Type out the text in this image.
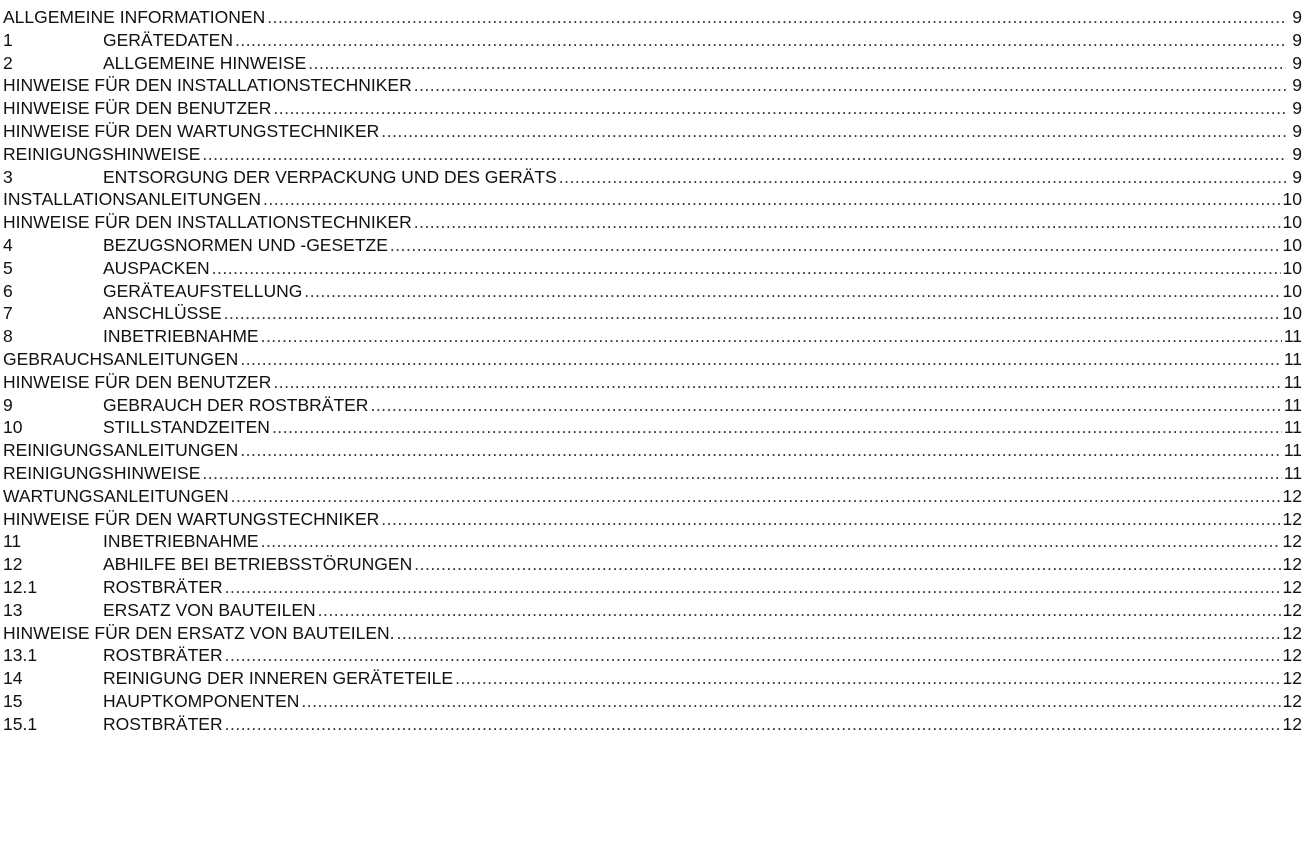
ALLGEMEINE INFORMATIONEN .....	9
1	GERÄTEDATEN .....	9
2	ALLGEMEINE HINWEISE .....	9
HINWEISE FÜR DEN INSTALLATIONSTECHNIKER .....	9
HINWEISE FÜR DEN BENUTZER .....	9
HINWEISE FÜR DEN WARTUNGSTECHNIKER .....	9
REINIGUNGSHINWEISE .....	9
3	ENTSORGUNG DER VERPACKUNG UND DES GERÄTS .....	9
INSTALLATIONSANLEITUNGEN .....	10
HINWEISE FÜR DEN INSTALLATIONSTECHNIKER .....	10
4	BEZUGSNORMEN UND -GESETZE .....	10
5	AUSPACKEN .....	10
6	GERÄTEAUFSTELLUNG .....	10
7	ANSCHLÜSSE .....	10
8	INBETRIEBNAHME .....	11
GEBRAUCHSANLEITUNGEN .....	11
HINWEISE FÜR DEN BENUTZER .....	11
9	GEBRAUCH DER ROSTBRÄTER .....	11
10	STILLSTANDZEITEN .....	11
REINIGUNGSANLEITUNGEN .....	11
REINIGUNGSHINWEISE .....	11
WARTUNGSANLEITUNGEN .....	12
HINWEISE FÜR DEN WARTUNGSTECHNIKER .....	12
11	INBETRIEBNAHME .....	12
12	ABHILFE BEI BETRIEBSSTÖRUNGEN .....	12
12.1	ROSTBRÄTER .....	12
13	ERSATZ VON BAUTEILEN .....	12
HINWEISE FÜR DEN ERSATZ VON BAUTEILEN. .....	12
13.1	ROSTBRÄTER .....	12
14	REINIGUNG DER INNEREN GERÄTETEILE .....	12
15	HAUPTKOMPONENTEN .....	12
15.1	ROSTBRÄTER .....	12
